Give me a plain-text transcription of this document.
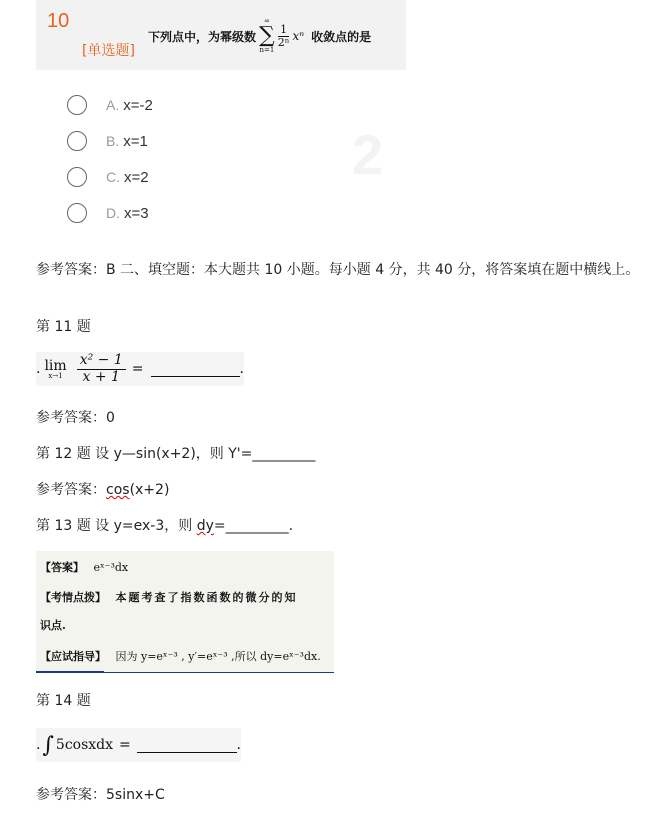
10
[单选题]
下列点中，为幂级数
∞
∑
n=1
$\frac{1}{\text{2ⁿ}}$ xⁿ 收敛点的是
2
A. x=-2
B. x=1
C. x=2
D. x=3
参考答案：B 二、填空题：本大题共 10 小题。每小题 4 分，共 40 分，将答案填在题中横线上。
第 11 题
. lim
$x\to 1 \frac{\text{x² − 1}}{x + 1}$ =	.
参考答案：0
第 12 题 设 y—sin(x+2)，则 Y'=_________
参考答案：cos(x+2)
第 13 题 设 y=ex-3，则 dy=_________.
【答案】 eˣ⁻³dx
【考情点拨】 本题考查了指数函数的微分的知
识点.
【应试指导】 因为 y=eˣ⁻³ , y′=eˣ⁻³ ,所以 dy=eˣ⁻³dx.
第 14 题
. ∫ 5cosxdx =	.
参考答案：5sinx+C
